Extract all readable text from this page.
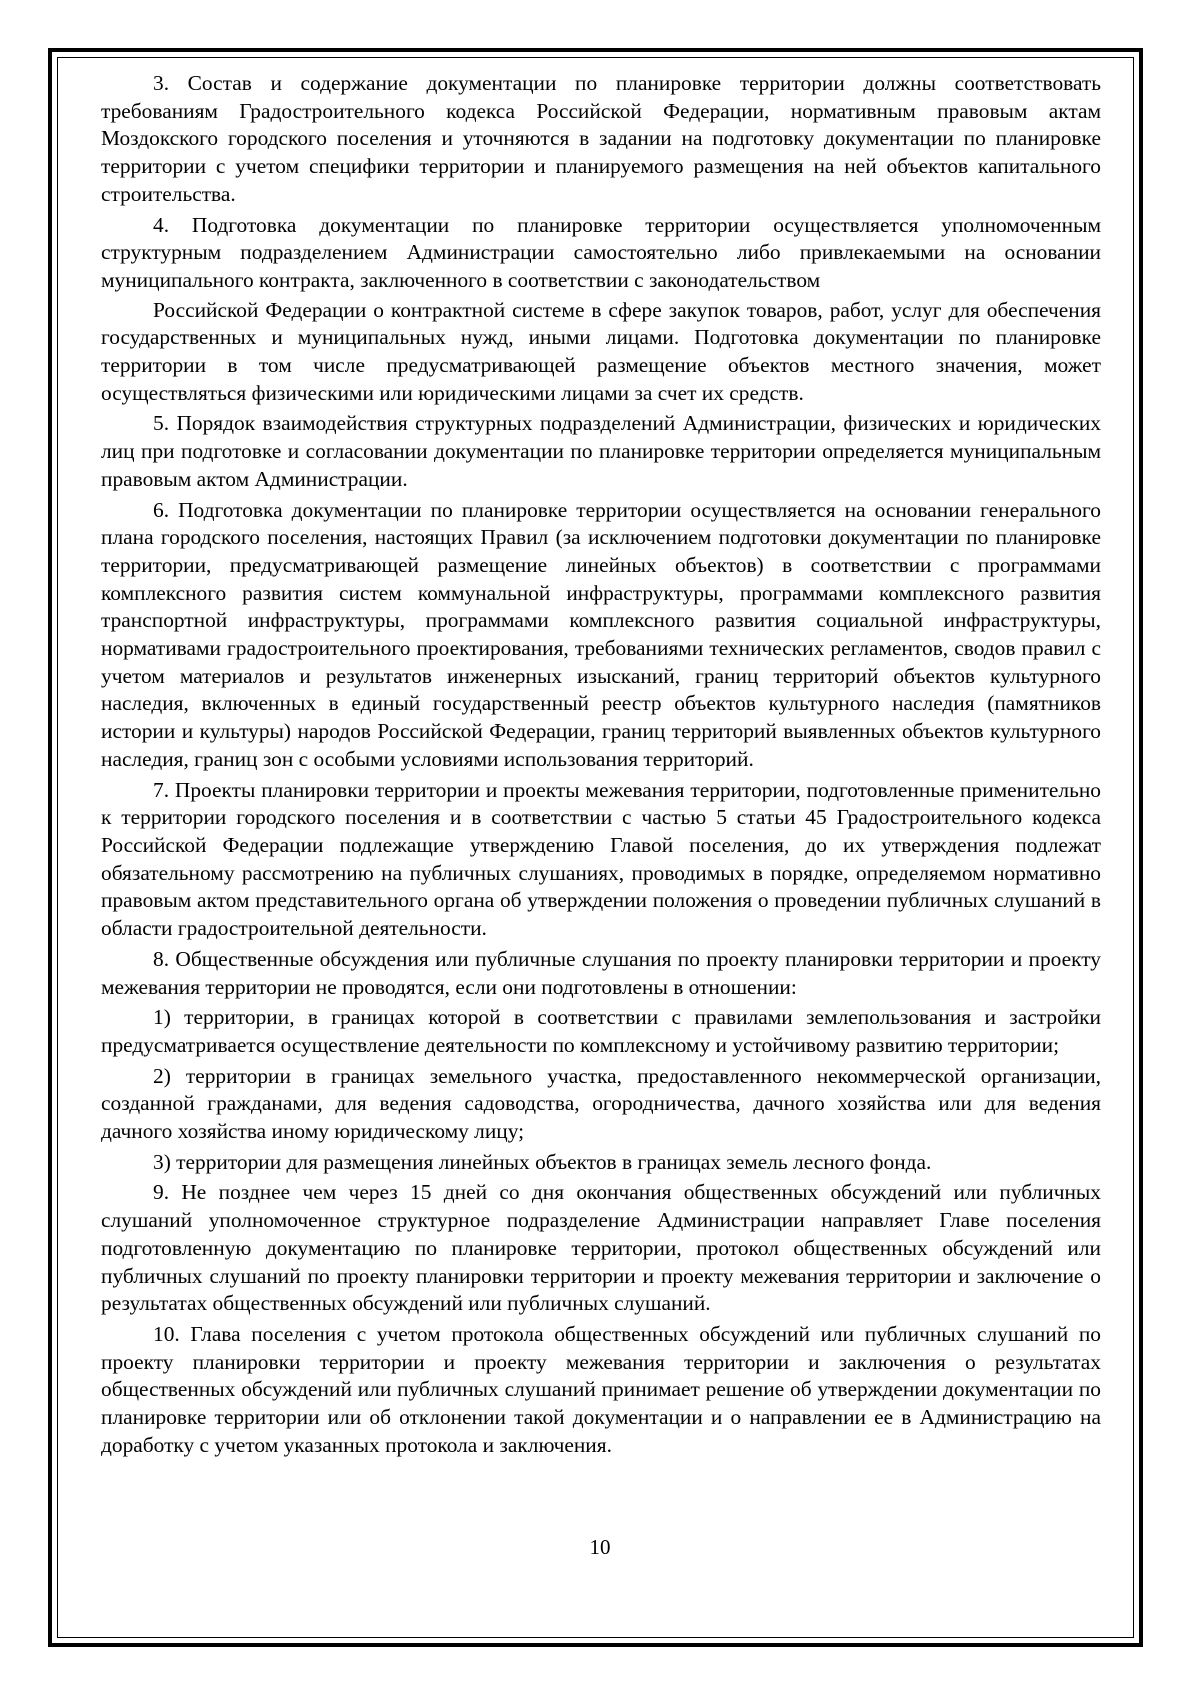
3. Состав и содержание документации по планировке территории должны соответствовать требованиям Градостроительного кодекса Российской Федерации, нормативным правовым актам Моздокского городского поселения и уточняются в задании на подготовку документации по планировке территории с учетом специфики территории и планируемого размещения на ней объектов капитального строительства.

4. Подготовка документации по планировке территории осуществляется уполномоченным структурным подразделением Администрации самостоятельно либо привлекаемыми на основании муниципального контракта, заключенного в соответствии с законодательством

Российской Федерации о контрактной системе в сфере закупок товаров, работ, услуг для обеспечения государственных и муниципальных нужд, иными лицами. Подготовка документации по планировке территории в том числе предусматривающей размещение объектов местного значения, может осуществляться физическими или юридическими лицами за счет их средств.

5. Порядок взаимодействия структурных подразделений Администрации, физических и юридических лиц при подготовке и согласовании документации по планировке территории определяется муниципальным правовым актом Администрации.

6. Подготовка документации по планировке территории осуществляется на основании генерального плана городского поселения, настоящих Правил (за исключением подготовки документации по планировке территории, предусматривающей размещение линейных объектов) в соответствии с программами комплексного развития систем коммунальной инфраструктуры, программами комплексного развития транспортной инфраструктуры, программами комплексного развития социальной инфраструктуры, нормативами градостроительного проектирования, требованиями технических регламентов, сводов правил с учетом материалов и результатов инженерных изысканий, границ территорий объектов культурного наследия, включенных в единый государственный реестр объектов культурного наследия (памятников истории и культуры) народов Российской Федерации, границ территорий выявленных объектов культурного наследия, границ зон с особыми условиями использования территорий.

7. Проекты планировки территории и проекты межевания территории, подготовленные применительно к территории городского поселения и в соответствии с частью 5 статьи 45 Градостроительного кодекса Российской Федерации подлежащие утверждению Главой поселения, до их утверждения подлежат обязательному рассмотрению на публичных слушаниях, проводимых в порядке, определяемом нормативно правовым актом представительного органа об утверждении положения о проведении публичных слушаний в области градостроительной деятельности.

8. Общественные обсуждения или публичные слушания по проекту планировки территории и проекту межевания территории не проводятся, если они подготовлены в отношении:

1) территории, в границах которой в соответствии с правилами землепользования и застройки предусматривается осуществление деятельности по комплексному и устойчивому развитию территории;

2) территории в границах земельного участка, предоставленного некоммерческой организации, созданной гражданами, для ведения садоводства, огородничества, дачного хозяйства или для ведения дачного хозяйства иному юридическому лицу;

3) территории для размещения линейных объектов в границах земель лесного фонда.

9. Не позднее чем через 15 дней со дня окончания общественных обсуждений или публичных слушаний уполномоченное структурное подразделение Администрации направляет Главе поселения подготовленную документацию по планировке территории, протокол общественных обсуждений или публичных слушаний по проекту планировки территории и проекту межевания территории и заключение о результатах общественных обсуждений или публичных слушаний.

10. Глава поселения с учетом протокола общественных обсуждений или публичных слушаний по проекту планировки территории и проекту межевания территории и заключения о результатах общественных обсуждений или публичных слушаний принимает решение об утверждении документации по планировке территории или об отклонении такой документации и о направлении ее в Администрацию на доработку с учетом указанных протокола и заключения.

10
